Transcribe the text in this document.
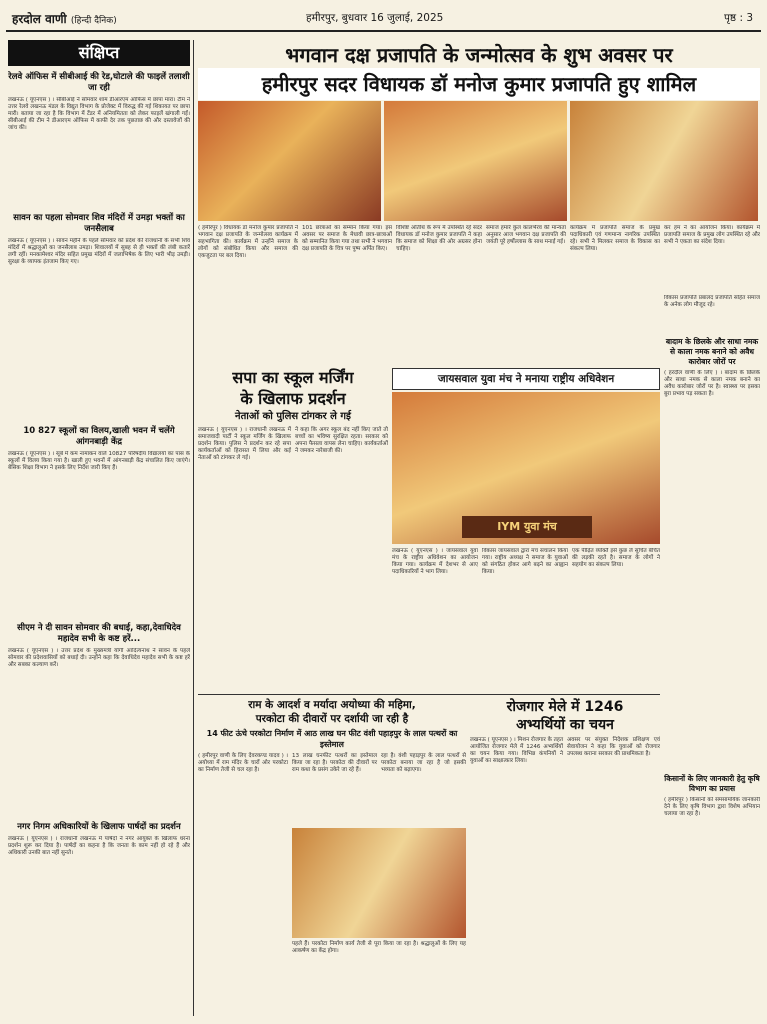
हरदोल वाणी (हिन्दी दैनिक)	हमीरपुर, बुधवार 16 जुलाई, 2025	पृष्ठ : 3
संक्षिप्त
रेलवे ऑफिस में सीबीआई की रेड,घोटाले की फाइलें तलाशी जा रही
लखनऊ ( यूएनएस ) । सीबीआई ने सोमवार शाम डीआरएम ऑफिस में छापा मारा। टीम ने उत्तर रेलवे लखनऊ मंडल के विद्युत विभाग के प्रोजेक्ट में विरुद्ध की गई शिकायत पर छापा मारी। बताया जा रहा है कि विभाग में टेंडर में अनियमितता को लेकर फाइलें खंगाली गईं। सीबीआई की टीम ने डीआरएम ऑफिस में काफी देर तक पूछताछ की और दस्तावेजों की जांच की।
सावन का पहला सोमवार शिव मंदिरों में उमड़ा भक्तों का जनसैलाब
लखनऊ ( यूएनएस ) । सावन महीने के पहले सोमवार को प्रदेश की राजधानी के सभी शिव मंदिरों में श्रद्धालुओं का जनसैलाब उमड़ा। शिवालयों में सुबह से ही भक्तों की लंबी कतारें लगी रहीं। मनकामेश्वर मंदिर सहित प्रमुख मंदिरों में जलाभिषेक के लिए भारी भीड़ उमड़ी। सुरक्षा के व्यापक इंतजाम किए गए।
10 827 स्कूलों का विलय,खाली भवन में चलेंगे आंगनबाड़ी केंद्र
लखनऊ ( यूएनएस ) । सूबे में कम नामांकन वाले 10827 परिषदीय विद्यालयों का पास के स्कूलों में विलय किया गया है। खाली हुए भवनों में आंगनबाड़ी केंद्र संचालित किए जाएंगे। बेसिक शिक्षा विभाग ने इसके लिए निर्देश जारी किए हैं।
सीएम ने दी सावन सोमवार की बधाई, कहा,देवाधिदेव महादेव सभी के कष्ट हरें...
लखनऊ ( यूएनएस ) । उत्तर प्रदेश के मुख्यमंत्री योगी आदित्यनाथ ने सावन के पहले सोमवार की प्रदेशवासियों को बधाई दी। उन्होंने कहा कि देवाधिदेव महादेव सभी के कष्ट हरें और सबका कल्याण करें।
नगर निगम अधिकारियों के खिलाफ पार्षदों का प्रदर्शन
लखनऊ ( यूएनएस ) । राजधानी लखनऊ में पार्षदों ने नगर आयुक्त के खिलाफ धरना प्रदर्शन शुरू कर दिया है। पार्षदों का कहना है कि जनता के काम नहीं हो रहे हैं और अधिकारी उनकी बात नहीं सुनते।
भगवान दक्ष प्रजापति के जन्मोत्सव के शुभ अवसर पर
हमीरपुर सदर विधायक डॉ मनोज कुमार प्रजापति हुए शामिल
( हमीरपुर ) विधायक डॉ मनोज कुमार प्रजापति ने भगवान दक्ष प्रजापति के जन्मोत्सव कार्यक्रम में सहभागिता की। कार्यक्रम में उन्होंने समाज के लोगों को संबोधित किया और समाज की एकजुटता पर बल दिया।
101 छात्राओं का सम्मान किया गया। इस अवसर पर समाज के मेधावी छात्र-छात्राओं को सम्मानित किया गया तथा सभी ने भगवान दक्ष प्रजापति के चित्र पर पुष्प अर्पित किए।
विशिष्ट अतिथि के रूप में उपस्थित रहे सदर विधायक डॉ मनोज कुमार प्रजापति ने कहा कि समाज को शिक्षा की ओर अग्रसर होना चाहिए।
समाज हमारे कुल कालभैरव की मान्यता अनुसार आज भगवान दक्ष प्रजापति की जयंती पूरे हर्षोल्लास के साथ मनाई गई।
कार्यक्रम में प्रजापति समाज के प्रमुख पदाधिकारी एवं गणमान्य नागरिक उपस्थित रहे। सभी ने मिलकर समाज के विकास का संकल्प लिया।
कर हम ने का आयोजन किया। कार्यक्रम में प्रजापति समाज के प्रमुख लोग उपस्थित रहे और सभी ने एकता का संदेश दिया।
विकास प्रजापति प्रबालद प्रजापति सहित समाज के अनेक लोग मौजूद रहे।
बादाम के छिलके और साधा नमक से काला नमक बनाने को अवैध कारोबार जोरों पर
( हरदौल वाणी के लिए ) । बादाम के छिलके और साधा नमक से काला नमक बनाने का अवैध कारोबार जोरों पर है। स्वास्थ्य पर इसका बुरा प्रभाव पड़ सकता है।
किसानों के लिए जानकारी हेतु कृषि विभाग का प्रयास
( हमीरपुर ) किसानों को समसामयिक जानकारी देने के लिए कृषि विभाग द्वारा विशेष अभियान चलाया जा रहा है।
सपा का स्कूल मर्जिंग
के खिलाफ प्रदर्शन
नेताओं को पुलिस टांगकर ले गई
लखनऊ ( यूएनएस ) । राजधानी लखनऊ में समाजवादी पार्टी ने स्कूल मर्जिंग के खिलाफ प्रदर्शन किया। पुलिस ने प्रदर्शन कर रहे सपा कार्यकर्ताओं को हिरासत में लिया और कई नेताओं को टांगकर ले गई।
ने कहा कि अगर स्कूल बंद नहीं किए जाते तो बच्चों का भविष्य सुरक्षित रहता। सरकार को अपना फैसला वापस लेना चाहिए। कार्यकर्ताओं ने जमकर नारेबाजी की।
जायसवाल युवा मंच ने मनाया राष्ट्रीय अधिवेशन
IYM युवा मंच
लखनऊ ( यूएनएस ) । जायसवाल युवा मंच के राष्ट्रीय अधिवेशन का आयोजन किया गया। कार्यक्रम में देशभर से आए पदाधिकारियों ने भाग लिया।
विकास जायसवाल द्वारा मंच संचालन किया गया। राष्ट्रीय अध्यक्ष ने समाज के युवाओं को संगठित होकर आगे बढ़ने का आह्वान किया।
एक पीढ़ित व्यक्ति इसे कुछ ले सुचित बेचित की लड़की रहते है। समाज के लोगों ने सहयोग का संकल्प लिया।
राम के आदर्श व मर्यादा अयोध्या की महिमा,
परकोटा की दीवारों पर दर्शायी जा रही है
14 फीट ऊंचे परकोटा निर्माण में आठ लाख घन फीट वंशी पहाड़पुर के लाल पत्थरों का इस्तेमाल
( हमीरपुर वाणी के लिए देवरकण्ड यादव ) । अयोध्या में राम मंदिर के चारों ओर परकोटा का निर्माण तेजी से चल रहा है।
13 लाख घनफीट पत्थरों का इस्तेमाल किया जा रहा है। परकोटा की दीवारों पर राम कथा के प्रसंग उकेरे जा रहे हैं।
रहा है। वंशी पहाड़पुर के लाल पत्थरों से परकोटा बनाया जा रहा है जो इसकी भव्यता को बढ़ाएगा।
पहले हैं। परकोटा निर्माण कार्य तेजी से पूरा किया जा रहा है। श्रद्धालुओं के लिए यह आकर्षण का केंद्र होगा।
रोजगार मेले में 1246
अभ्यर्थियों का चयन
लखनऊ ( यूएनएस ) । मिशन रोजगार के तहत आयोजित रोजगार मेले में 1246 अभ्यर्थियों का चयन किया गया। विभिन्न कंपनियों ने युवाओं का साक्षात्कार लिया।
अवसर पर संयुक्त निदेशक प्रशिक्षण एवं सेवायोजन ने कहा कि युवाओं को रोजगार उपलब्ध कराना सरकार की प्राथमिकता है।
